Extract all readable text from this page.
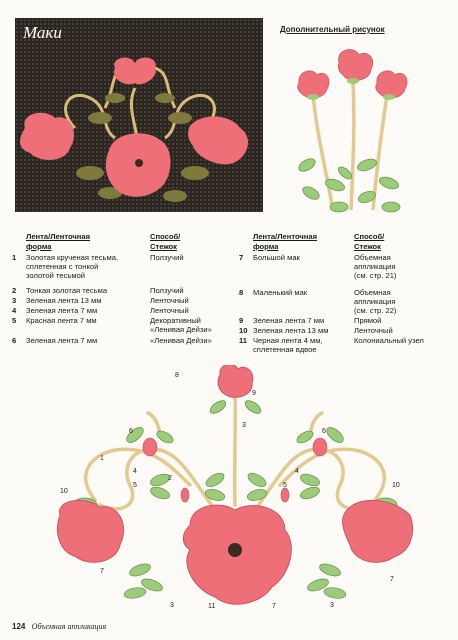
Маки	Дополнительный рисунок
Лента/Ленточная
форма
Способ/
Стежок
1 Золотая крученая тесьма,
сплетенная с тонкой
золотой тесьмой
Ползучий
2 Тонкая золотая тесьма	Ползучий
3 Зеленая лента 13 мм	Ленточный
4 Зеленая лента 7 мм	Ленточный
5 Красная лента 7 мм	Декоративный
«Ленивая Дейзи»
6 Зеленая лента 7 мм	«Ленивая Дейзи»
Лента/Ленточная
форма
Способ/
Стежок
7 Большой мак	Объемная
аппликация
(см. стр. 21)
8 Маленький мак	Объемная
аппликация
(см. стр. 22)
9 Зеленая лента 7 мм	Прямой
10 Зеленая лента 13 мм	Ленточный
11 Черная лента 4 мм,
сплетенная вдвое
Колониальный узел
8
9
1
6	6
3
4	4
5	5
2
10
10
7
7
7
11
3	3
124 Объемная аппликация
